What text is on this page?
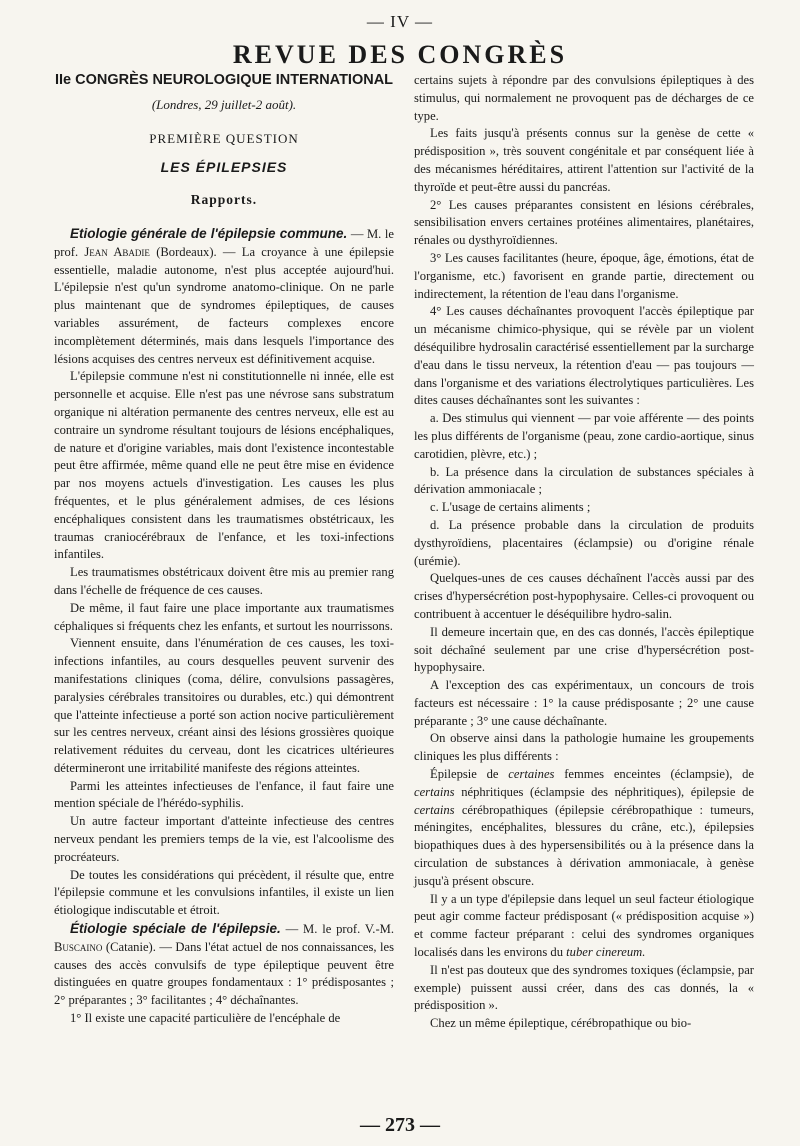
— IV —
REVUE DES CONGRÈS
IIe CONGRÈS NEUROLOGIQUE INTERNATIONAL
(Londres, 29 juillet-2 août).
PREMIÈRE QUESTION
LES ÉPILEPSIES
Rapports.

Etiologie générale de l'épilepsie commune. — M. le prof. Jean Abadie (Bordeaux). — La croyance à une épilepsie essentielle, maladie autonome, n'est plus acceptée aujourd'hui. L'épilepsie n'est qu'un syndrome anatomo-clinique. On ne parle plus maintenant que de syndromes épileptiques, de causes variables assurément, de facteurs complexes encore incomplètement déterminés, mais dans lesquels l'importance des lésions acquises des centres nerveux est définitivement acquise.

L'épilepsie commune n'est ni constitutionnelle ni innée, elle est personnelle et acquise. Elle n'est pas une névrose sans substratum organique ni altération permanente des centres nerveux, elle est au contraire un syndrome résultant toujours de lésions encéphaliques, de nature et d'origine variables, mais dont l'existence incontestable peut être affirmée, même quand elle ne peut être mise en évidence par nos moyens actuels d'investigation. Les causes les plus fréquentes, et le plus généralement admises, de ces lésions encéphaliques consistent dans les traumatismes obstétricaux, les traumas craniocérébraux de l'enfance, et les toxi-infections infantiles.

Les traumatismes obstétricaux doivent être mis au premier rang dans l'échelle de fréquence de ces causes.

De même, il faut faire une place importante aux traumatismes céphaliques si fréquents chez les enfants, et surtout les nourrissons.

Viennent ensuite, dans l'énumération de ces causes, les toxi-infections infantiles, au cours desquelles peuvent survenir des manifestations cliniques (coma, délire, convulsions passagères, paralysies cérébrales transitoires ou durables, etc.) qui démontrent que l'atteinte infectieuse a porté son action nocive particulièrement sur les centres nerveux, créant ainsi des lésions grossières quoique relativement réduites du cerveau, dont les cicatrices ultérieures détermineront une irritabilité manifeste des régions atteintes.

Parmi les atteintes infectieuses de l'enfance, il faut faire une mention spéciale de l'hérédo-syphilis.

Un autre facteur important d'atteinte infectieuse des centres nerveux pendant les premiers temps de la vie, est l'alcoolisme des procréateurs.

De toutes les considérations qui précèdent, il résulte que, entre l'épilepsie commune et les convulsions infantiles, il existe un lien étiologique indiscutable et étroit.

Étiologie spéciale de l'épilepsie. — M. le prof. V.-M. Buscaino (Catanie). — Dans l'état actuel de nos connaissances, les causes des accès convulsifs de type épileptique peuvent être distinguées en quatre groupes fondamentaux : 1° prédisposantes ; 2° préparantes ; 3° facilitantes ; 4° déchaînantes.

1° Il existe une capacité particulière de l'encéphale de

certains sujets à répondre par des convulsions épileptiques à des stimulus, qui normalement ne provoquent pas de décharges de ce type.

Les faits jusqu'à présents connus sur la genèse de cette « prédisposition », très souvent congénitale et par conséquent liée à des mécanismes héréditaires, attirent l'attention sur l'activité de la thyroïde et peut-être aussi du pancréas.

2° Les causes préparantes consistent en lésions cérébrales, sensibilisation envers certaines protéines alimentaires, planétaires, rénales ou dysthyroïdiennes.

3° Les causes facilitantes (heure, époque, âge, émotions, état de l'organisme, etc.) favorisent en grande partie, directement ou indirectement, la rétention de l'eau dans l'organisme.

4° Les causes déchaînantes provoquent l'accès épileptique par un mécanisme chimico-physique, qui se révèle par un violent déséquilibre hydrosalin caractérisé essentiellement par la surcharge d'eau dans le tissu nerveux, la rétention d'eau — pas toujours — dans l'organisme et des variations électrolytiques particulières. Les dites causes déchaînantes sont les suivantes :

a. Des stimulus qui viennent — par voie afférente — des points les plus différents de l'organisme (peau, zone cardio-aortique, sinus carotidien, plèvre, etc.) ;

b. La présence dans la circulation de substances spéciales à dérivation ammoniacale ;

c. L'usage de certains aliments ;

d. La présence probable dans la circulation de produits dysthyroïdiens, placentaires (éclampsie) ou d'origine rénale (urémie).

Quelques-unes de ces causes déchaînent l'accès aussi par des crises d'hypersécrétion post-hypophysaire. Celles-ci provoquent ou contribuent à accentuer le déséquilibre hydro-salin.

Il demeure incertain que, en des cas donnés, l'accès épileptique soit déchaîné seulement par une crise d'hypersécrétion post-hypophysaire.

A l'exception des cas expérimentaux, un concours de trois facteurs est nécessaire : 1° la cause prédisposante ; 2° une cause préparante ; 3° une cause déchaînante.

On observe ainsi dans la pathologie humaine les groupements cliniques les plus différents :

Épilepsie de certaines femmes enceintes (éclampsie), de certains néphritiques (éclampsie des néphritiques), épilepsie de certains cérébropathiques (épilepsie cérébropathique : tumeurs, méningites, encéphalites, blessures du crâne, etc.), épilepsies biopathiques dues à des hypersensibilités ou à la présence dans la circulation de substances à dérivation ammoniacale, à genèse jusqu'à présent obscure.

Il y a un type d'épilepsie dans lequel un seul facteur étiologique peut agir comme facteur prédisposant (« prédisposition acquise ») et comme facteur préparant : celui des syndromes organiques localisés dans les environs du tuber cinereum.

Il n'est pas douteux que des syndromes toxiques (éclampsie, par exemple) puissent aussi créer, dans des cas donnés, la « prédisposition ».

Chez un même épileptique, cérébropathique ou bio-

— 273 —
